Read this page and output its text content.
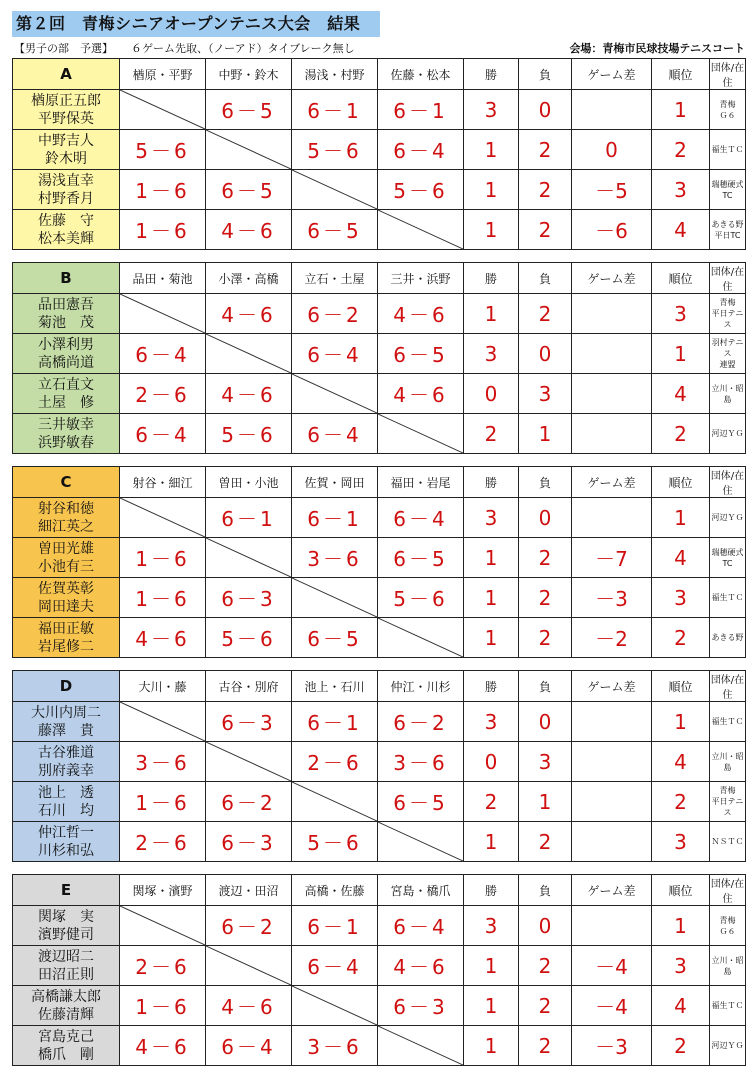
第２回　青梅シニアオープンテニス大会　結果
【男子の部　予選】 ６ゲーム先取、（ノーアド）タイブレーク無し	会場：青梅市民球技場テニスコート
A	楢原・平野	中野・鈴木	湯浅・村野	佐藤・松本	勝	負	ゲーム差	順位	団体/在住

楢原正五郎
平野保英		6－5	6－1	6－1	3	0		1	青梅
Ｇ６

中野吉人
鈴木明	5－6		5－6	6－4	1	2	0	2	福生ＴＣ

湯浅直幸
村野香月	1－6	6－5		5－6	1	2	－5	3	瑞穂硬式
TC

佐藤　守
松本美輝	1－6	4－6	6－5		1	2	－6	4	あきる野
平日TC
B	品田・菊池	小澤・高橋	立石・土屋	三井・浜野	勝	負	ゲーム差	順位	団体/在住

品田憲吾
菊池　茂		4－6	6－2	4－6	1	2		3	青梅
平日テニス

小澤利男
高橋尚道	6－4		6－4	6－5	3	0		1	羽村テニス
連盟

立石直文
土屋　修	2－6	4－6		4－6	0	3		4	立川・昭島

三井敏幸
浜野敏春	6－4	5－6	6－4		2	1		2	河辺ＹＧ
C	射谷・細江	曽田・小池	佐賀・岡田	福田・岩尾	勝	負	ゲーム差	順位	団体/在住

射谷和徳
細江英之		6－1	6－1	6－4	3	0		1	河辺ＹＧ

曽田光雄
小池有三	1－6		3－6	6－5	1	2	－7	4	瑞穂硬式
TC

佐賀英彰
岡田達夫	1－6	6－3		5－6	1	2	－3	3	福生ＴＣ

福田正敏
岩尾修二	4－6	5－6	6－5		1	2	－2	2	あきる野
D	大川・藤	古谷・別府	池上・石川	仲江・川杉	勝	負	ゲーム差	順位	団体/在住

大川内周二
藤澤　貴		6－3	6－1	6－2	3	0		1	福生ＴＣ

古谷雅道
別府義幸	3－6		2－6	3－6	0	3		4	立川・昭島

池上　透
石川　均	1－6	6－2		6－5	2	1		2	青梅
平日テニス

仲江哲一
川杉和弘	2－6	6－3	5－6		1	2		3	ＮＳＴＣ
E	関塚・濱野	渡辺・田沼	高橋・佐藤	宮島・橋爪	勝	負	ゲーム差	順位	団体/在住

関塚　実
濱野健司		6－2	6－1	6－4	3	0		1	青梅
Ｇ６

渡辺昭二
田沼正則	2－6		6－4	4－6	1	2	－4	3	立川・昭島

高橋謙太郎
佐藤清輝	1－6	4－6		6－3	1	2	－4	4	福生ＴＣ

宮島克己
橋爪　剛	4－6	6－4	3－6		1	2	－3	2	河辺ＹＧ
